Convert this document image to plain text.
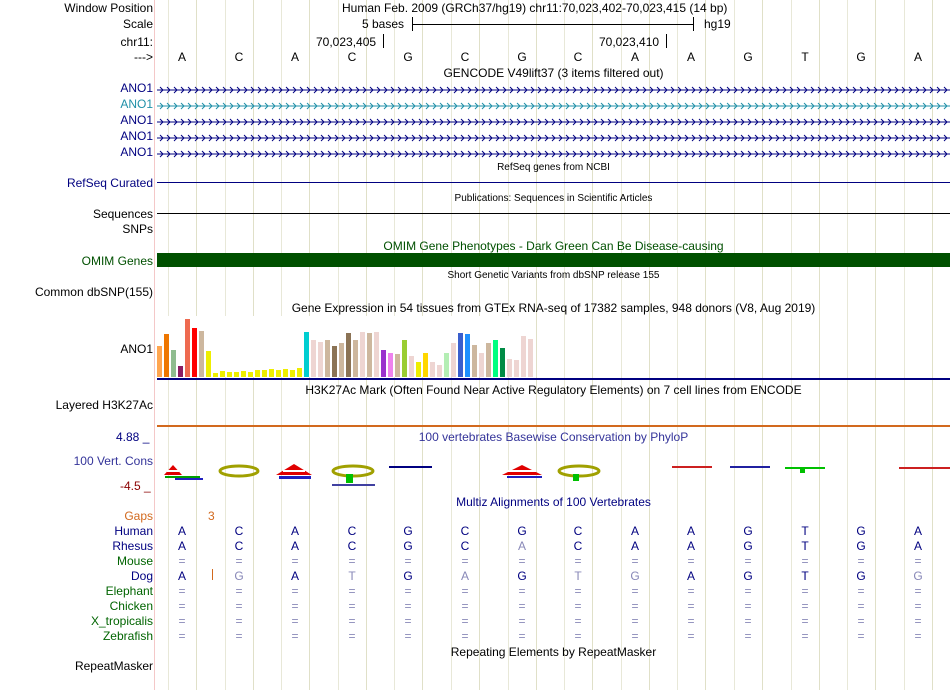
Window Position	Human Feb. 2009 (GRCh37/hg19) chr11:70,023,402-70,023,415 (14 bp)
Scale	5 bases	hg19
chr11:	70,023,405	70,023,410
--->	A	C	A	C	G	C	G	C	A	A	G	T	G	A
GENCODE V49lift37 (3 items filtered out)
ANO1
ANO1
ANO1
ANO1
ANO1
RefSeq genes from NCBI
RefSeq Curated
Publications: Sequences in Scientific Articles
Sequences
SNPs
OMIM Gene Phenotypes - Dark Green Can Be Disease-causing
OMIM Genes
Short Genetic Variants from dbSNP release 155
Common dbSNP(155)
Gene Expression in 54 tissues from GTEx RNA-seq of 17382 samples, 948 donors (V8, Aug 2019)
ANO1
H3K27Ac Mark (Often Found Near Active Regulatory Elements) on 7 cell lines from ENCODE
Layered H3K27Ac
4.88 _	100 vertebrates Basewise Conservation by PhyloP
100 Vert. Cons
-4.5 _
Multiz Alignments of 100 Vertebrates
Gaps	3
Human	A	C	A	C	G	C	G	C	A	A	G	T	G	A
Rhesus	A	C	A	C	G	C	A	C	A	A	G	T	G	A
Mouse	=	=	=	=	=	=	=	=	=	=	=	=	=	=
Dog	A	G	A	T	G	A	G	T	G	A	G	T	G	G
Elephant	=	=	=	=	=	=	=	=	=	=	=	=	=	=
Chicken	=	=	=	=	=	=	=	=	=	=	=	=	=	=
X_tropicalis	=	=	=	=	=	=	=	=	=	=	=	=	=	=
Zebrafish	=	=	=	=	=	=	=	=	=	=	=	=	=	=
Repeating Elements by RepeatMasker
RepeatMasker
